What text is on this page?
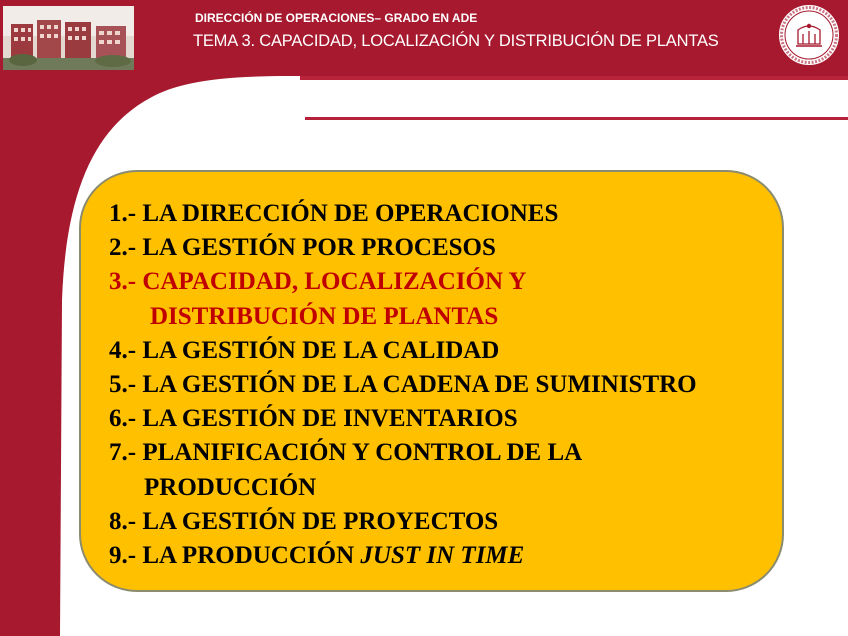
DIRECCIÓN DE OPERACIONES– GRADO EN ADE
TEMA 3. CAPACIDAD, LOCALIZACIÓN Y DISTRIBUCIÓN DE PLANTAS
1.- LA DIRECCIÓN DE OPERACIONES
2.- LA GESTIÓN POR PROCESOS
3.- CAPACIDAD, LOCALIZACIÓN Y
DISTRIBUCIÓN DE PLANTAS
4.- LA GESTIÓN DE LA CALIDAD
5.- LA GESTIÓN DE LA CADENA DE SUMINISTRO
6.- LA GESTIÓN DE INVENTARIOS
7.- PLANIFICACIÓN Y CONTROL DE LA
PRODUCCIÓN
8.- LA GESTIÓN DE PROYECTOS
9.- LA PRODUCCIÓN JUST IN TIME
